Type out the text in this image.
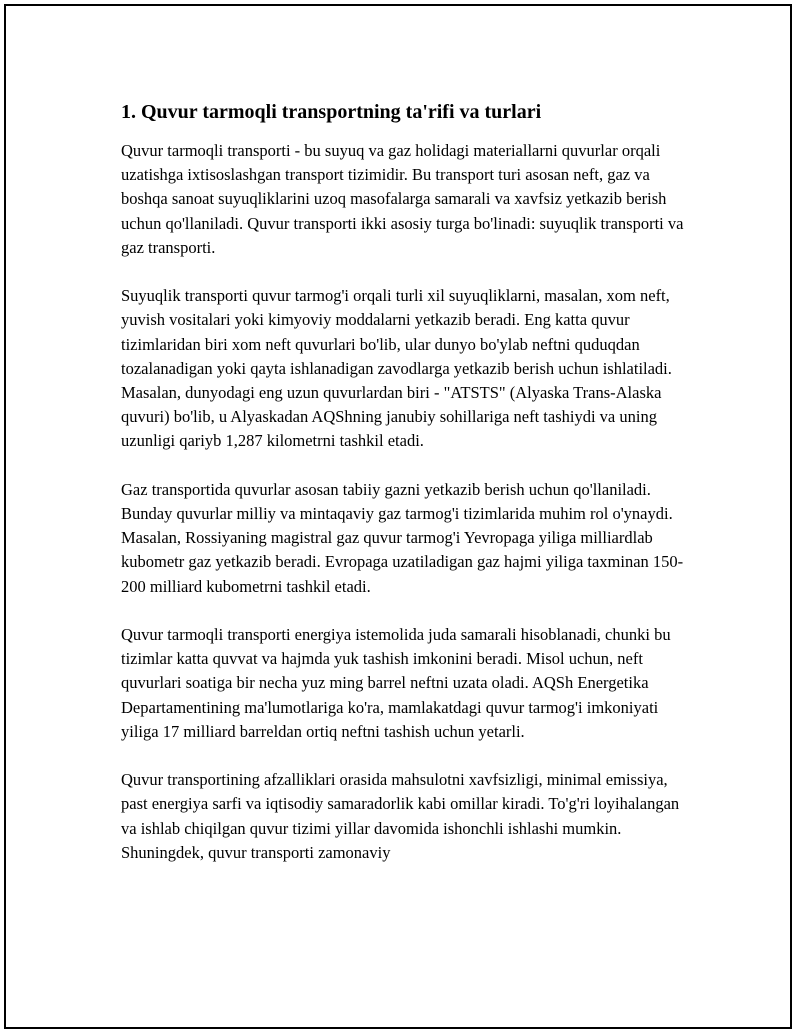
1. Quvur tarmoqli transportning ta'rifi va turlari

Quvur tarmoqli transporti - bu suyuq va gaz holidagi materiallarni quvurlar orqali uzatishga ixtisoslashgan transport tizimidir. Bu transport turi asosan neft, gaz va boshqa sanoat suyuqliklarini uzoq masofalarga samarali va xavfsiz yetkazib berish uchun qo'llaniladi. Quvur transporti ikki asosiy turga bo'linadi: suyuqlik transporti va gaz transporti.

Suyuqlik transporti quvur tarmog'i orqali turli xil suyuqliklarni, masalan, xom neft, yuvish vositalari yoki kimyoviy moddalarni yetkazib beradi. Eng katta quvur tizimlaridan biri xom neft quvurlari bo'lib, ular dunyo bo'ylab neftni quduqdan tozalanadigan yoki qayta ishlanadigan zavodlarga yetkazib berish uchun ishlatiladi. Masalan, dunyodagi eng uzun quvurlardan biri - "ATSTS" (Alyaska Trans-Alaska quvuri) bo'lib, u Alyaskadan AQShning janubiy sohillariga neft tashiydi va uning uzunligi qariyb 1,287 kilometrni tashkil etadi.

Gaz transportida quvurlar asosan tabiiy gazni yetkazib berish uchun qo'llaniladi. Bunday quvurlar milliy va mintaqaviy gaz tarmog'i tizimlarida muhim rol o'ynaydi. Masalan, Rossiyaning magistral gaz quvur tarmog'i Yevropaga yiliga milliardlab kubometr gaz yetkazib beradi. Evropaga uzatiladigan gaz hajmi yiliga taxminan 150-200 milliard kubometrni tashkil etadi.

Quvur tarmoqli transporti energiya istemolida juda samarali hisoblanadi, chunki bu tizimlar katta quvvat va hajmda yuk tashish imkonini beradi. Misol uchun, neft quvurlari soatiga bir necha yuz ming barrel neftni uzata oladi. AQSh Energetika Departamentining ma'lumotlariga ko'ra, mamlakatdagi quvur tarmog'i imkoniyati yiliga 17 milliard barreldan ortiq neftni tashish uchun yetarli.

Quvur transportining afzalliklari orasida mahsulotni xavfsizligi, minimal emissiya, past energiya sarfi va iqtisodiy samaradorlik kabi omillar kiradi. To'g'ri loyihalangan va ishlab chiqilgan quvur tizimi yillar davomida ishonchli ishlashi mumkin. Shuningdek, quvur transporti zamonaviy
